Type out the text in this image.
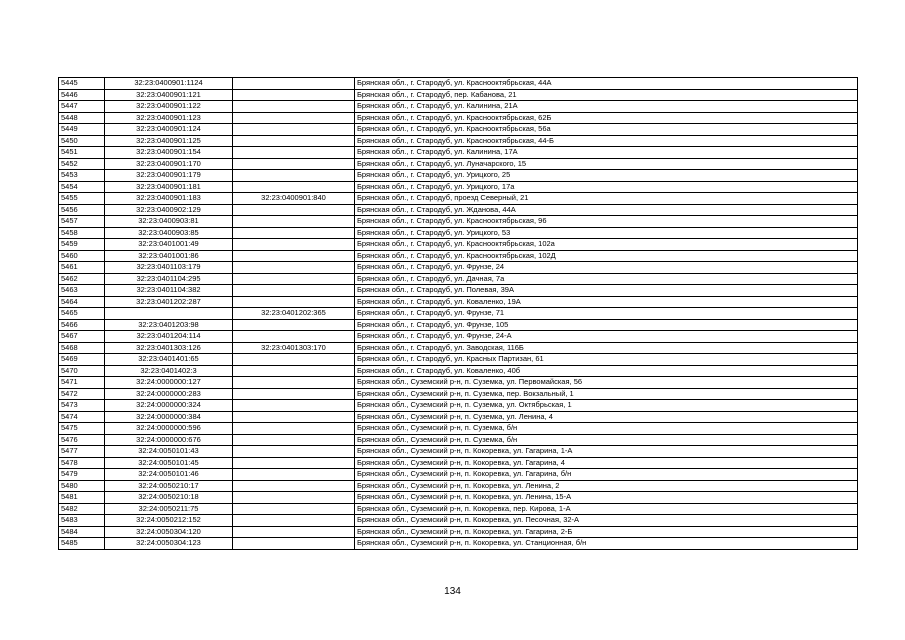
5445	32:23:0400901:1124		Брянская обл., г. Стародуб, ул. Краснооктябрьская, 44А
5446	32:23:0400901:121		Брянская обл., г. Стародуб, пер. Кабанова, 21
5447	32:23:0400901:122		Брянская обл., г. Стародуб, ул. Калинина, 21А
5448	32:23:0400901:123		Брянская обл., г. Стародуб, ул. Краснооктябрьская, 62Б
5449	32:23:0400901:124		Брянская обл., г. Стародуб, ул. Краснооктябрьская, 56а
5450	32:23:0400901:125		Брянская обл., г. Стародуб, ул. Краснооктябрьская, 44-Б
5451	32:23:0400901:154		Брянская обл., г. Стародуб, ул. Калинина, 17А
5452	32:23:0400901:170		Брянская обл., г. Стародуб, ул. Луначарского, 15
5453	32:23:0400901:179		Брянская обл., г. Стародуб, ул. Урицкого, 25
5454	32:23:0400901:181		Брянская обл., г. Стародуб, ул. Урицкого, 17а
5455	32:23:0400901:183	32:23:0400901:840	Брянская обл., г. Стародуб, проезд Северный, 21
5456	32:23:0400902:129		Брянская обл., г. Стародуб, ул. Жданова, 44А
5457	32:23:0400903:81		Брянская обл., г. Стародуб, ул. Краснооктябрьская, 96
5458	32:23:0400903:85		Брянская обл., г. Стародуб, ул. Урицкого, 53
5459	32:23:0401001:49		Брянская обл., г. Стародуб, ул. Краснооктябрьская, 102а
5460	32:23:0401001:86		Брянская обл., г. Стародуб, ул. Краснооктябрьская, 102Д
5461	32:23:0401103:179		Брянская обл., г. Стародуб, ул. Фрунзе, 24
5462	32:23:0401104:295		Брянская обл., г. Стародуб, ул. Дачная, 7а
5463	32:23:0401104:382		Брянская обл., г. Стародуб, ул. Полевая, 39А
5464	32:23:0401202:287		Брянская обл., г. Стародуб, ул. Коваленко, 19А
5465		32:23:0401202:365	Брянская обл., г. Стародуб, ул. Фрунзе, 71
5466	32:23:0401203:98		Брянская обл., г. Стародуб, ул. Фрунзе, 105
5467	32:23:0401204:114		Брянская обл., г. Стародуб, ул. Фрунзе, 24-А
5468	32:23:0401303:126	32:23:0401303:170	Брянская обл., г. Стародуб, ул. Заводская, 116Б
5469	32:23:0401401:65		Брянская обл., г. Стародуб, ул. Красных Партизан, 61
5470	32:23:0401402:3		Брянская обл., г. Стародуб, ул. Коваленко, 40б
5471	32:24:0000000:127		Брянская обл., Суземский р-н, п. Суземка, ул. Первомайская, 56
5472	32:24:0000000:283		Брянская обл., Суземский р-н, п. Суземка, пер. Вокзальный, 1
5473	32:24:0000000:324		Брянская обл., Суземский р-н, п. Суземка, ул. Октябрьская, 1
5474	32:24:0000000:384		Брянская обл., Суземский р-н, п. Суземка, ул. Ленина, 4
5475	32:24:0000000:596		Брянская обл., Суземский р-н, п. Суземка, б/н
5476	32:24:0000000:676		Брянская обл., Суземский р-н, п. Суземка, б/н
5477	32:24:0050101:43		Брянская обл., Суземский р-н, п. Кокоревка, ул. Гагарина, 1-А
5478	32:24:0050101:45		Брянская обл., Суземский р-н, п. Кокоревка, ул. Гагарина, 4
5479	32:24:0050101:46		Брянская обл., Суземский р-н, п. Кокоревка, ул. Гагарина, б/н
5480	32:24:0050210:17		Брянская обл., Суземский р-н, п. Кокоревка, ул. Ленина, 2
5481	32:24:0050210:18		Брянская обл., Суземский р-н, п. Кокоревка, ул. Ленина, 15-А
5482	32:24:0050211:75		Брянская обл., Суземский р-н, п. Кокоревка, пер. Кирова, 1-А
5483	32:24:0050212:152		Брянская обл., Суземский р-н, п. Кокоревка, ул. Песочная, 32-А
5484	32:24:0050304:120		Брянская обл., Суземский р-н, п. Кокоревка, ул. Гагарина, 2-Б
5485	32:24:0050304:123		Брянская обл., Суземский р-н, п. Кокоревка, ул. Станционная, б/н
134
